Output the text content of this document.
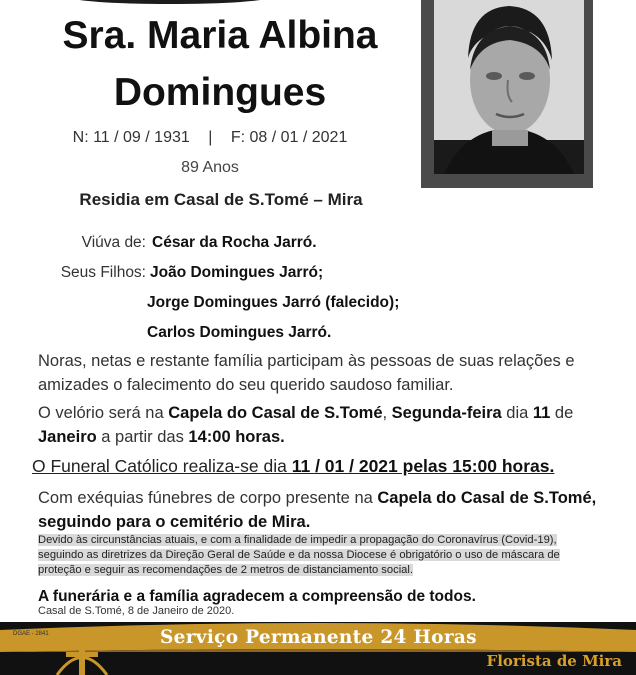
Sra. Maria Albina
Domingues
N: 11 / 09 / 1931 | F: 08 / 01 / 2021
89 Anos
Residia em Casal de S.Tomé – Mira
Viúva de: César da Rocha Jarró.
Seus Filhos: João Domingues Jarró;
Jorge Domingues Jarró (falecido);
Carlos Domingues Jarró.
Noras, netas e restante família participam às pessoas de suas relações e amizades o falecimento do seu querido saudoso familiar.
O velório será na Capela do Casal de S.Tomé, Segunda-feira dia 11 de
Janeiro a partir das 14:00 horas.
O Funeral Católico realiza-se dia 11 / 01 / 2021 pelas 15:00 horas.
Com exéquias fúnebres de corpo presente na Capela do Casal de S.Tomé, seguindo para o cemitério de Mira.
Devido às circunstâncias atuais, e com a finalidade de impedir a propagação do Coronavírus (Covid-19), seguindo as diretrizes da Direção Geral de Saúde e da nossa Diocese é obrigatório o uso de máscara de proteção e seguir as recomendações de 2 metros de distanciamento social.
A funerária e a família agradecem a compreensão de todos.
Casal de S.Tomé, 8 de Janeiro de 2020.
DGAE - 2841	Serviço Permanente 24 Horas
Florista de Mira
